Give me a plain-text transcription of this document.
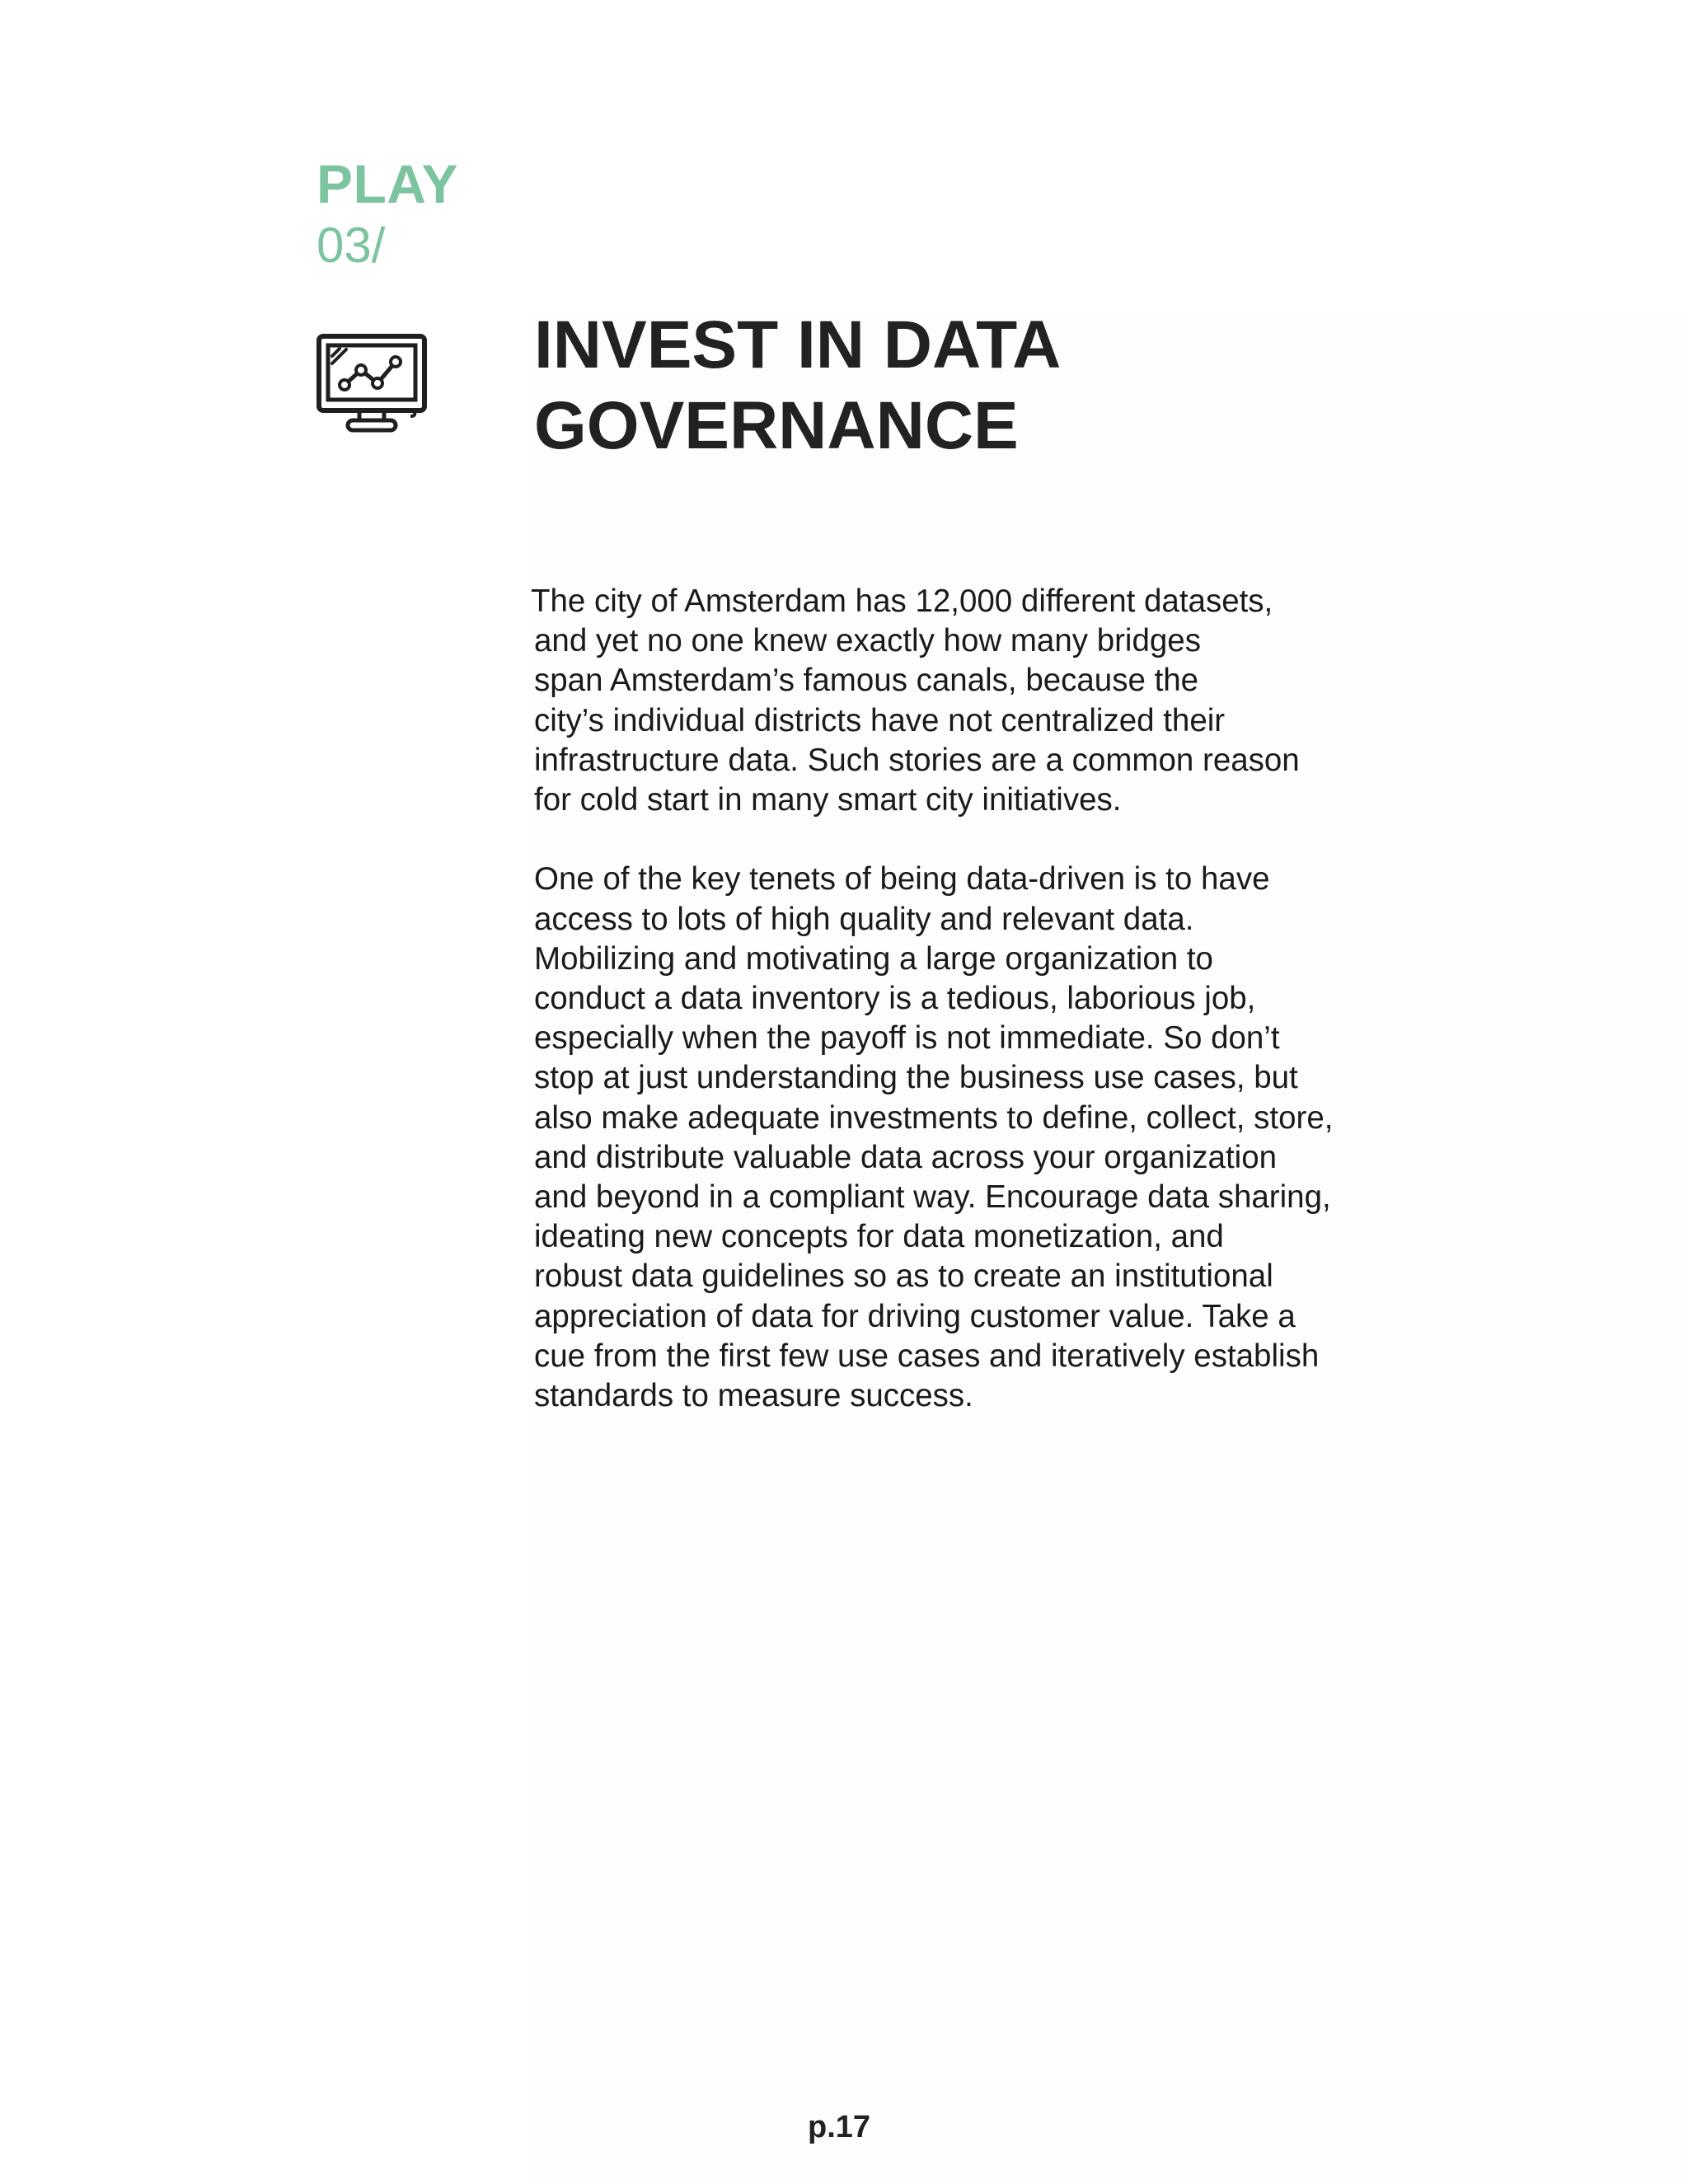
PLAY
03/
INVEST IN DATA
GOVERNANCE
The city of Amsterdam has 12,000 different datasets,
and yet no one knew exactly how many bridges
span Amsterdam’s famous canals, because the
city’s individual districts have not centralized their
infrastructure data. Such stories are a common reason
for cold start in many smart city initiatives.
One of the key tenets of being data-driven is to have
access to lots of high quality and relevant data.
Mobilizing and motivating a large organization to
conduct a data inventory is a tedious, laborious job,
especially when the payoff is not immediate. So don’t
stop at just understanding the business use cases, but
also make adequate investments to define, collect, store,
and distribute valuable data across your organization
and beyond in a compliant way. Encourage data sharing,
ideating new concepts for data monetization, and
robust data guidelines so as to create an institutional
appreciation of data for driving customer value. Take a
cue from the first few use cases and iteratively establish
standards to measure success.
p.17
